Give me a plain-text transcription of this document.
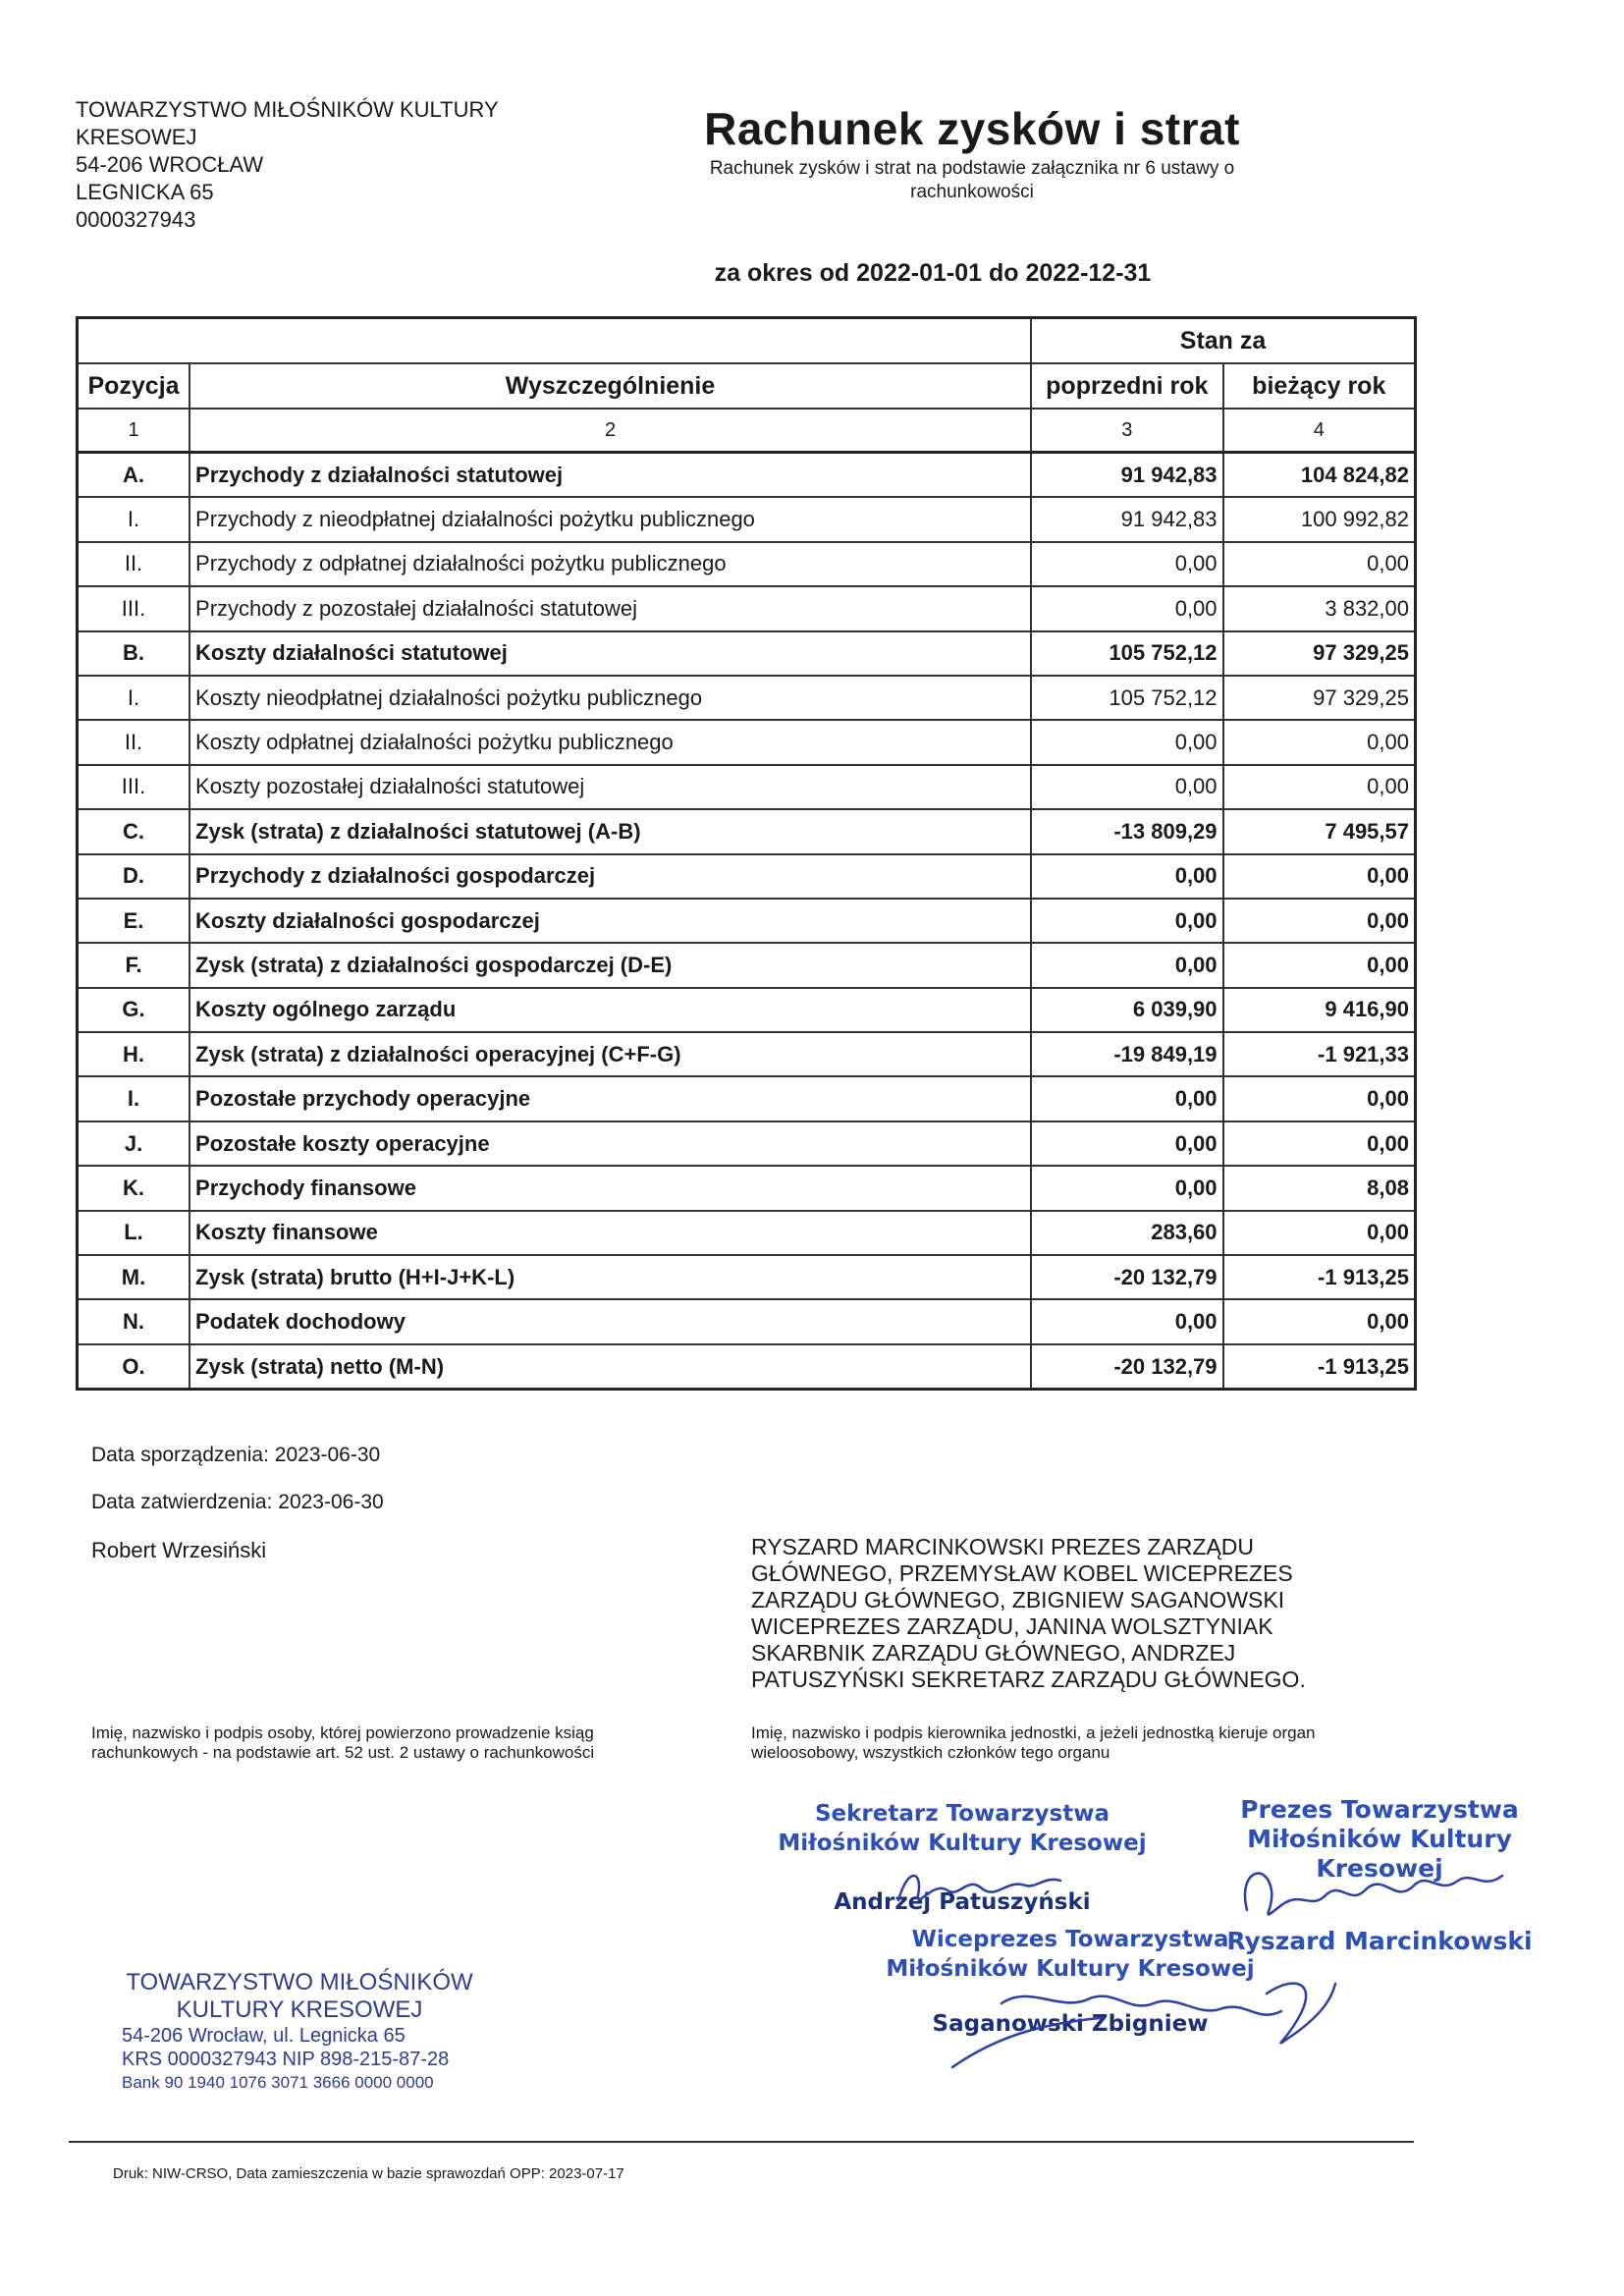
TOWARZYSTWO MIŁOŚNIKÓW KULTURY
KRESOWEJ
54-206 WROCŁAW
LEGNICKA 65
0000327943
Rachunek zysków i strat
Rachunek zysków i strat na podstawie załącznika nr 6 ustawy o rachunkowości
za okres od 2022-01-01 do 2022-12-31
		Stan za	
Pozycja	Wyszczególnienie	poprzedni rok	bieżący rok
1	2	3	4
A.	Przychody z działalności statutowej	91 942,83	104 824,82
I.	Przychody z nieodpłatnej działalności pożytku publicznego	91 942,83	100 992,82
II.	Przychody z odpłatnej działalności pożytku publicznego	0,00	0,00
III.	Przychody z pozostałej działalności statutowej	0,00	3 832,00
B.	Koszty działalności statutowej	105 752,12	97 329,25
I.	Koszty nieodpłatnej działalności pożytku publicznego	105 752,12	97 329,25
II.	Koszty odpłatnej działalności pożytku publicznego	0,00	0,00
III.	Koszty pozostałej działalności statutowej	0,00	0,00
C.	Zysk (strata) z działalności statutowej (A-B)	-13 809,29	7 495,57
D.	Przychody z działalności gospodarczej	0,00	0,00
E.	Koszty działalności gospodarczej	0,00	0,00
F.	Zysk (strata) z działalności gospodarczej (D-E)	0,00	0,00
G.	Koszty ogólnego zarządu	6 039,90	9 416,90
H.	Zysk (strata) z działalności operacyjnej (C+F-G)	-19 849,19	-1 921,33
I.	Pozostałe przychody operacyjne	0,00	0,00
J.	Pozostałe koszty operacyjne	0,00	0,00
K.	Przychody finansowe	0,00	8,08
L.	Koszty finansowe	283,60	0,00
M.	Zysk (strata) brutto (H+I-J+K-L)	-20 132,79	-1 913,25
N.	Podatek dochodowy	0,00	0,00
O.	Zysk (strata) netto (M-N)	-20 132,79	-1 913,25
Data sporządzenia: 2023-06-30
Data zatwierdzenia: 2023-06-30
Robert Wrzesiński	RYSZARD MARCINKOWSKI PREZES ZARZĄDU GŁÓWNEGO, PRZEMYSŁAW KOBEL WICEPREZES ZARZĄDU GŁÓWNEGO, ZBIGNIEW SAGANOWSKI WICEPREZES ZARZĄDU, JANINA WOLSZTYNIAK SKARBNIK ZARZĄDU GŁÓWNEGO, ANDRZEJ PATUSZYŃSKI SEKRETARZ ZARZĄDU GŁÓWNEGO.
Imię, nazwisko i podpis osoby, której powierzono prowadzenie ksiąg rachunkowych - na podstawie art. 52 ust. 2 ustawy o rachunkowości
Imię, nazwisko i podpis kierownika jednostki, a jeżeli jednostką kieruje organ wieloosobowy, wszystkich członków tego organu
Sekretarz Towarzystwa
Miłośników Kultury Kresowej
Andrzej Patuszyński
Prezes Towarzystwa
Miłośników Kultury Kresowej
Ryszard Marcinkowski
Wiceprezes Towarzystwa
Miłośników Kultury Kresowej
Saganowski Zbigniew
TOWARZYSTWO MIŁOŚNIKÓW
KULTURY KRESOWEJ
54-206 Wrocław, ul. Legnicka 65
KRS 0000327943 NIP 898-215-87-28
Bank 90 1940 1076 3071 3666 0000 0000
Druk: NIW-CRSO, Data zamieszczenia w bazie sprawozdań OPP: 2023-07-17
